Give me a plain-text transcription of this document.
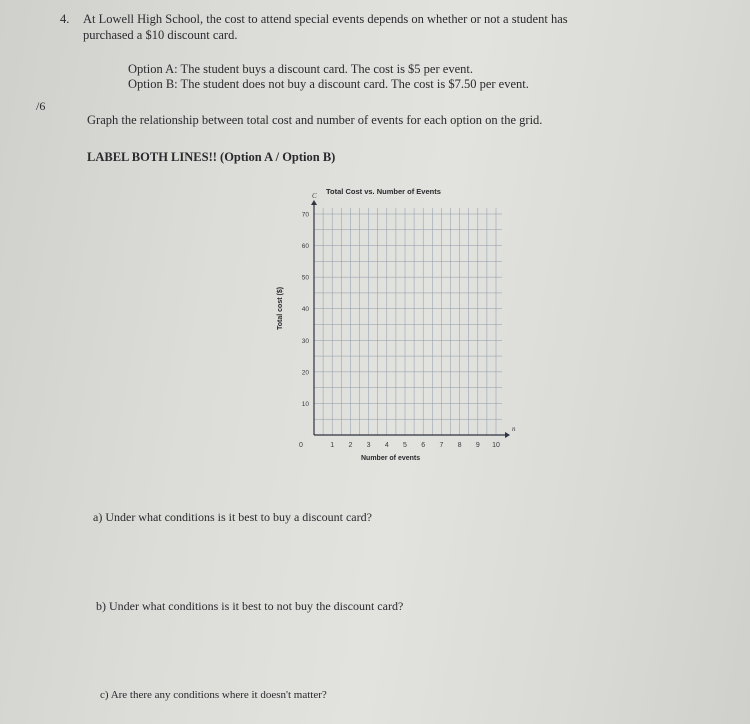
4. At Lowell High School, the cost to attend special events depends on whether or not a student has
purchased a $10 discount card.
Option A: The student buys a discount card. The cost is $5 per event.
Option B: The student does not buy a discount card. The cost is $7.50 per event.
/6
Graph the relationship between total cost and number of events for each option on the grid.
LABEL BOTH LINES!! (Option A / Option B)
Total Cost vs. Number of Events
Total cost ($)
Number of events
n
C
0	1 2 3 4 5 6 7 8 9 10
10
20
30
40
50
60
70
a) Under what conditions is it best to buy a discount card?
b) Under what conditions is it best to not buy the discount card?
c) Are there any conditions where it doesn't matter?
